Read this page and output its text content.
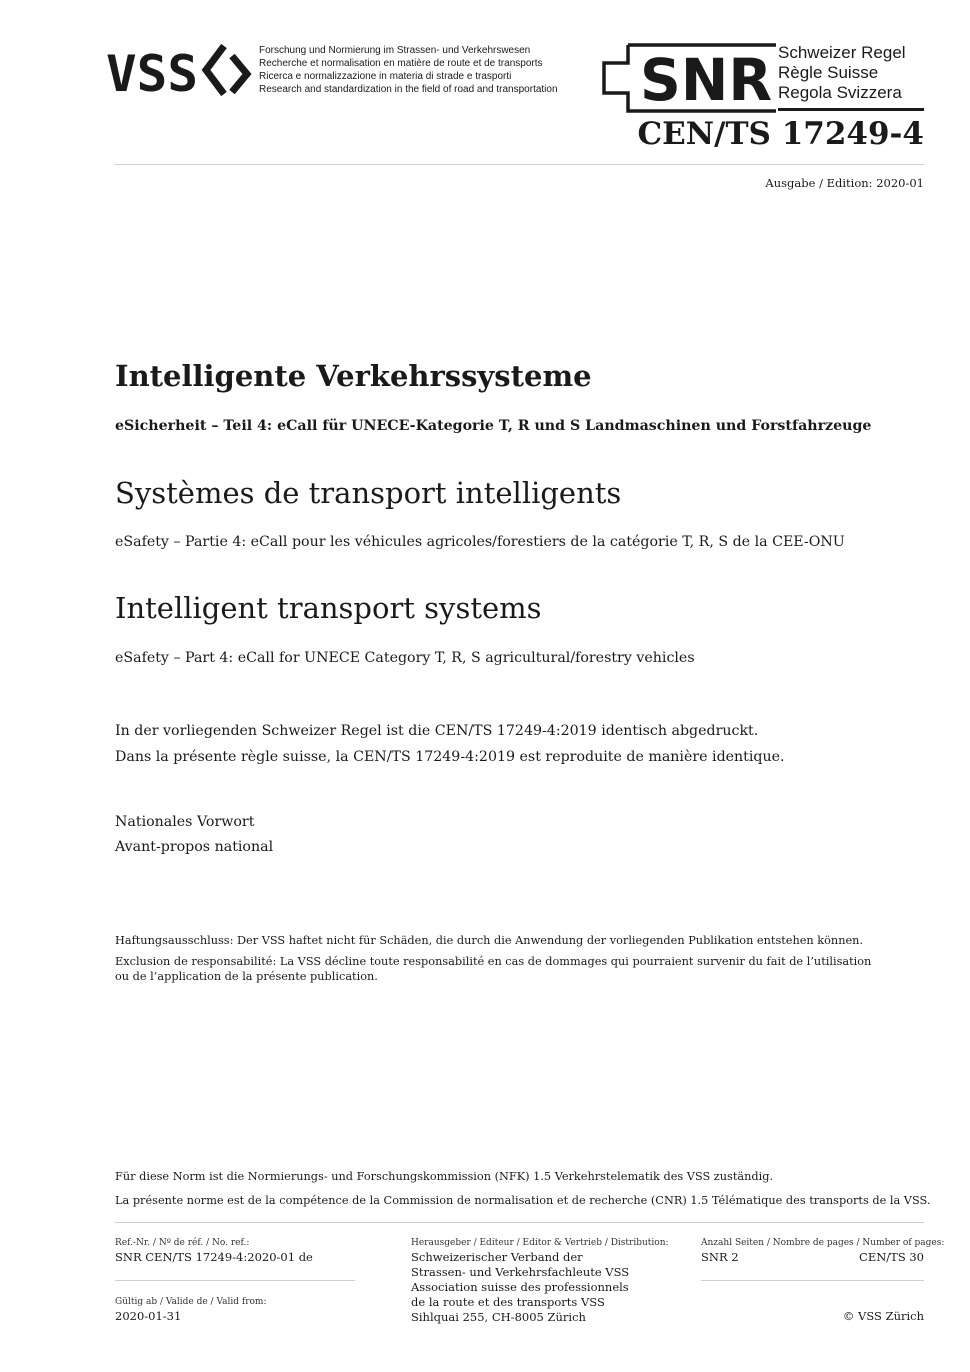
VSS	Forschung und Normierung im Strassen- und Verkehrswesen
Recherche et normalisation en matière de route et de transports
Ricerca e normalizzazione in materia di strade e trasporti
Research and standardization in the field of road and transportation SNR Schweizer Regel
Règle Suisse
Regola Svizzera
CEN/TS 17249-4
Ausgabe / Edition: 2020-01
Intelligente Verkehrssysteme
eSicherheit – Teil 4: eCall für UNECE-Kategorie T, R und S Landmaschinen und Forstfahrzeuge
Systèmes de transport intelligents
eSafety – Partie 4: eCall pour les véhicules agricoles/forestiers de la catégorie T, R, S de la CEE-ONU
Intelligent transport systems
eSafety – Part 4: eCall for UNECE Category T, R, S agricultural/forestry vehicles
In der vorliegenden Schweizer Regel ist die CEN/TS 17249-4:2019 identisch abgedruckt.
Dans la présente règle suisse, la CEN/TS 17249-4:2019 est reproduite de manière identique.
Nationales Vorwort
Avant-propos national
Haftungsausschluss: Der VSS haftet nicht für Schäden, die durch die Anwendung der vorliegenden Publikation entstehen können.
Exclusion de responsabilité: La VSS décline toute responsabilité en cas de dommages qui pourraient survenir du fait de l’utilisation
ou de l’application de la présente publication.
Für diese Norm ist die Normierungs- und Forschungskommission (NFK) 1.5 Verkehrstelematik des VSS zuständig.
La présente norme est de la compétence de la Commission de normalisation et de recherche (CNR) 1.5 Télématique des transports de la VSS.
Ref.-Nr. / Nº de réf. / No. ref.:
SNR CEN/TS 17249-4:2020-01 de
Gültig ab / Valide de / Valid from:
2020-01-31
Herausgeber / Editeur / Editor & Vertrieb / Distribution:
Schweizerischer Verband der
Strassen- und Verkehrsfachleute VSS
Association suisse des professionnels
de la route et des transports VSS
Sihlquai 255, CH-8005 Zürich
Anzahl Seiten / Nombre de pages / Number of pages:
SNR 2	CEN/TS 30
© VSS Zürich
